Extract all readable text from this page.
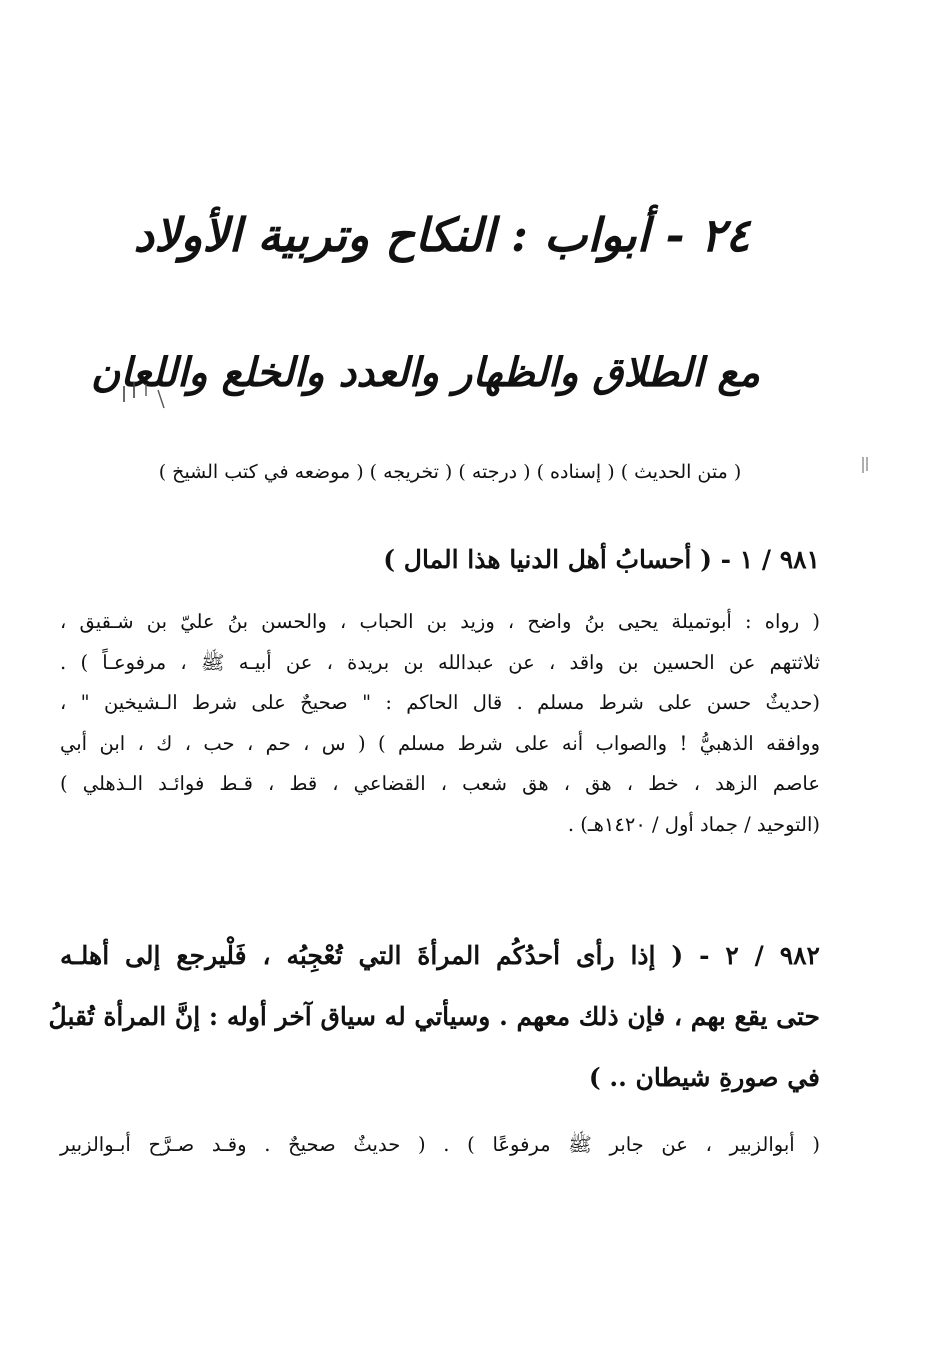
٢٤ - أبواب : النكاح وتربية الأولاد
مع الطلاق والظهار والعدد والخلع واللعان
( متن الحديث ) ( إسناده ) ( درجته ) ( تخريجه ) ( موضعه في كتب الشيخ )
٩٨١ / ١ - ( أحسابُ أهل الدنيا هذا المال )
( رواه : أبوتميلة يحيى بنُ واضح ، وزيد بن الحباب ، والحسن بنُ عليّ بن شـقيق ،
ثلاثتهم عن الحسين بن واقد ، عن عبدالله بن بريدة ، عن أبيـه ﷺ ، مرفوعـاً ) .
(حديثٌ حسن على شرط مسلم . قال الحاكم : " صحيحٌ على شرط الـشيخين " ،
ووافقه الذهبيُّ ! والصواب أنه على شرط مسلم ) ( س ، حم ، حب ، ك ، ابن أبي
عاصم الزهد ، خط ، هق ، هق شعب ، القضاعي ، قط ، قـط فوائـد الـذهلي )
(التوحيد / جماد أول / ١٤٢٠هـ) .
٩٨٢ / ٢ - ( إذا رأى أحدُكُم المرأةَ التي تُعْجِبُه ، فَلْيرجع إلى أهلـه
حتى يقع بهم ، فإن ذلك معهم . وسيأتي له سياق آخر أوله : إنَّ المرأة تُقبلُ
في صورةِ شيطان .. )
( أبوالزبير ، عن جابر ﷺ مرفوعًا ) . ( حديثٌ صحيحٌ . وقـد صـرَّح أبـوالزبير
